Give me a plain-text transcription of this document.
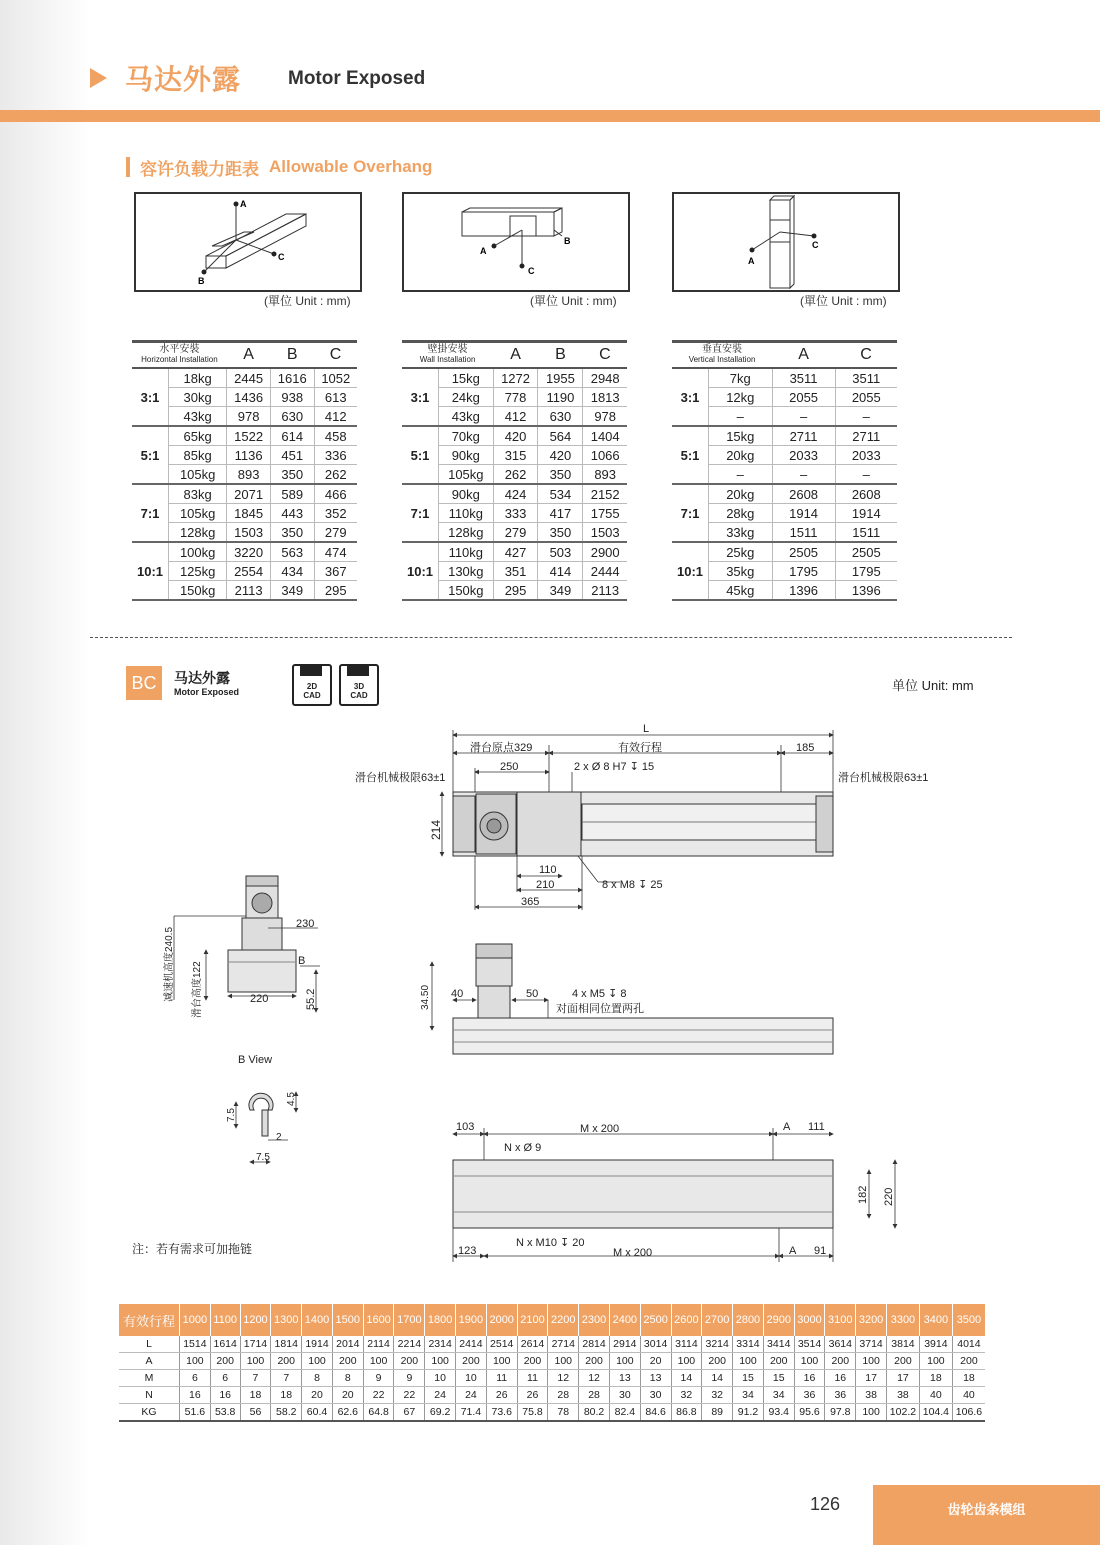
马达外露 Motor Exposed
容许负载力距表 Allowable Overhang
A
C
B
(單位 Unit : mm)
A
C
B
(單位 Unit : mm)
A
C
(單位 Unit : mm)
水平安裝
Horizontal Installation		A	B	C
3:1	18kg	2445	1616	1052
	30kg	1436	938	613
	43kg	978	630	412
5:1	65kg	1522	614	458
	85kg	1136	451	336
	105kg	893	350	262
7:1	83kg	2071	589	466
	105kg	1845	443	352
	128kg	1503	350	279
10:1	100kg	3220	563	474
	125kg	2554	434	367
	150kg	2113	349	295
壁掛安裝
Wall Installation		A	B	C
3:1	15kg	1272	1955	2948
	24kg	778	1190	1813
	43kg	412	630	978
5:1	70kg	420	564	1404
	90kg	315	420	1066
	105kg	262	350	893
7:1	90kg	424	534	2152
	110kg	333	417	1755
	128kg	279	350	1503
10:1	110kg	427	503	2900
	130kg	351	414	2444
	150kg	295	349	2113
垂直安裝
Vertical Installation		A	C
3:1	7kg	3511	3511
	12kg	2055	2055
	–	–	–
5:1	15kg	2711	2711
	20kg	2033	2033
	–	–	–
7:1	20kg	2608	2608
	28kg	1914	1914
	33kg	1511	1511
10:1	25kg	2505	2505
	35kg	1795	1795
	45kg	1396	1396
BC	马达外露
Motor Exposed
2D
CAD
3D
CAD
单位 Unit: mm
L
滑台原点329	有效行程	185
250	2 x Ø 8 H7 ↧ 15
滑台机械极限63±1	滑台机械极限63±1
214
110
210
365
8 x M8 ↧ 25
230
减速机高度240.5 滑台高度122	220	55.2
B
34.50 40	50	4 x M5 ↧ 8
对面相同位置两孔
7.5
4.5
2
7.5
103	M x 200	A 111
N x Ø 9
182 220
N x M10 ↧ 20
123	M x 200	A 91
B View
注：若有需求可加拖链
有效行程	1000	1100	1200	1300	1400	1500	1600	1700	1800	1900	2000	2100	2200	2300	2400	2500	2600	2700	2800	2900	3000	3100	3200	3300	3400	3500
L	1514	1614	1714	1814	1914	2014	2114	2214	2314	2414	2514	2614	2714	2814	2914	3014	3114	3214	3314	3414	3514	3614	3714	3814	3914	4014
A	100	200	100	200	100	200	100	200	100	200	100	200	100	200	100	20	100	200	100	200	100	200	100	200	100	200
M	6	6	7	7	8	8	9	9	10	10	11	11	12	12	13	13	14	14	15	15	16	16	17	17	18	18
N	16	16	18	18	20	20	22	22	24	24	26	26	28	28	30	30	32	32	34	34	36	36	38	38	40	40
KG	51.6	53.8	56	58.2	60.4	62.6	64.8	67	69.2	71.4	73.6	75.8	78	80.2	82.4	84.6	86.8	89	91.2	93.4	95.6	97.8	100	102.2	104.4	106.6
126	齿轮齿条模组
